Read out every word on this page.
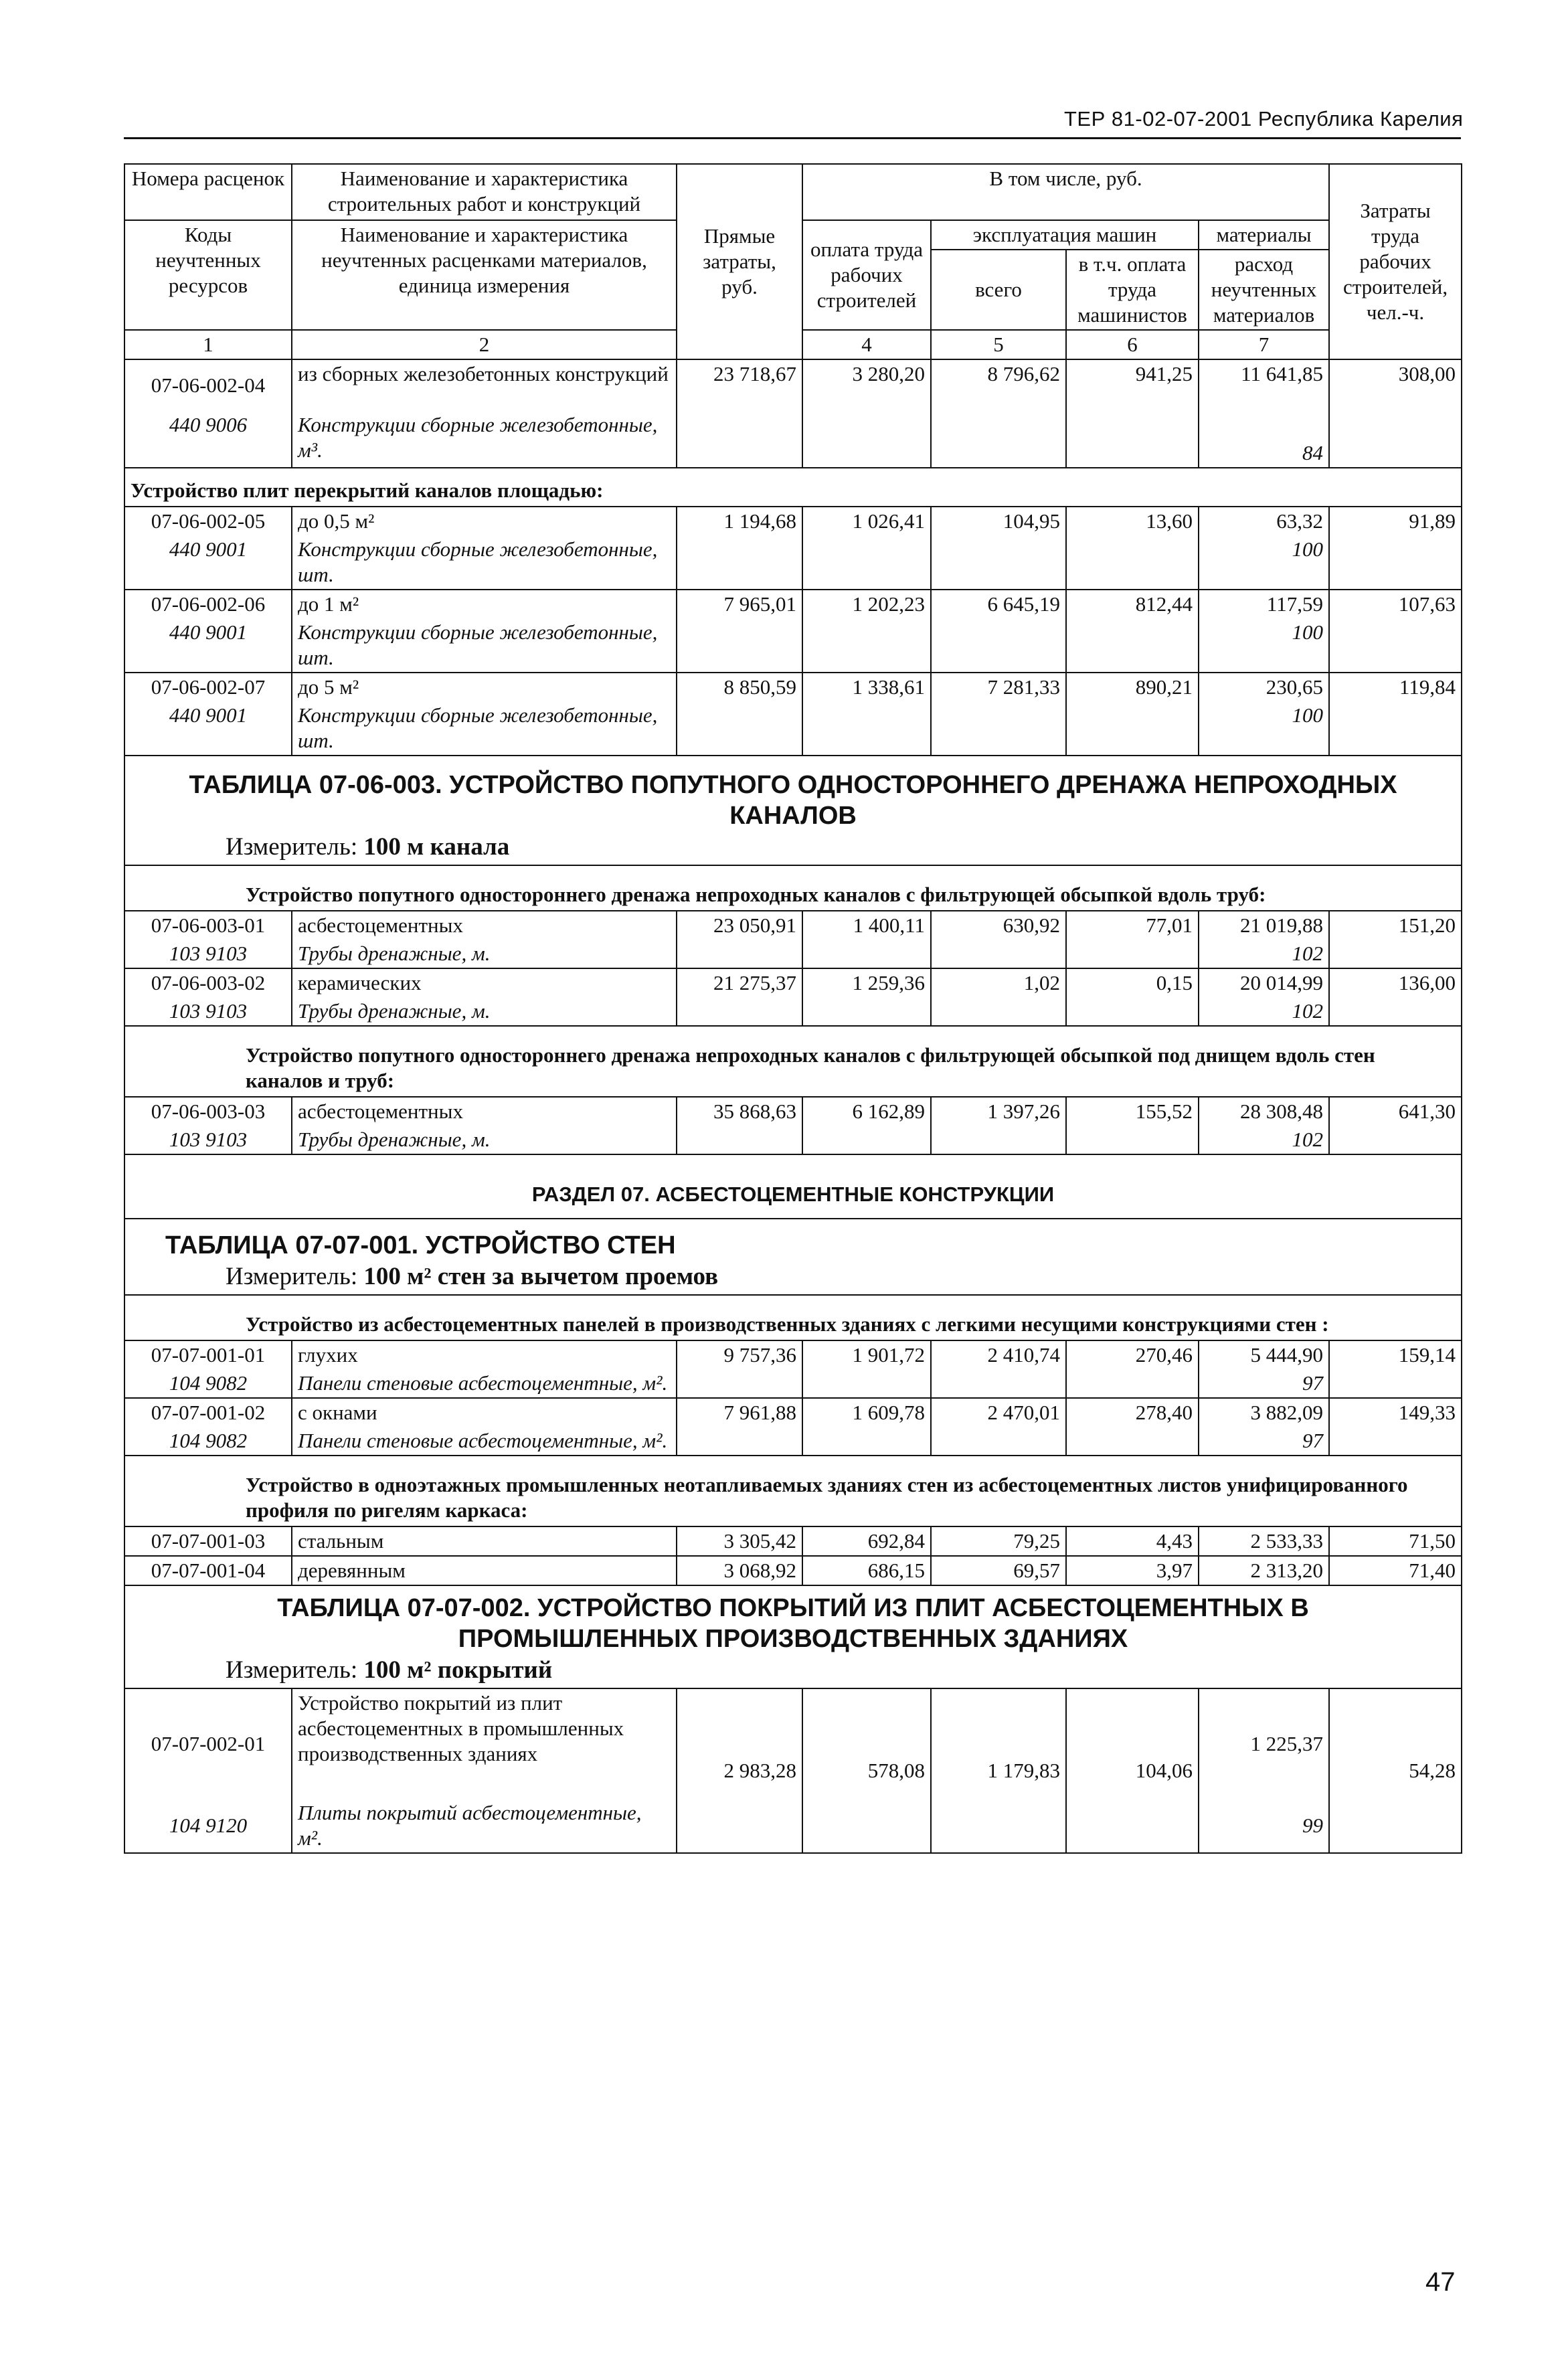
ТЕР 81-02-07-2001 Республика Карелия
Номера расценок	Наименование и характеристика строительных работ и конструкций	Прямые затраты, руб.	В том числе, руб.				Затраты труда рабочих строителей, чел.-ч.
Коды неучтенных ресурсов	Наименование и характеристика неучтенных расценками материалов, единица измерения		оплата труда рабочих строителей	эксплуатация машин		материалы	
				всего	в т.ч. оплата труда машинистов	расход неучтенных материалов	
1	2		4	5	6	7	
07-06-002-04	из сборных железобетонных конструкций	23 718,67	3 280,20	8 796,62	941,25	11 641,85	308,00
440 9006	Конструкции сборные железобетонные, м³.					84	
Устройство плит перекрытий каналов площадью:							
07-06-002-05	до 0,5 м²	1 194,68	1 026,41	104,95	13,60	63,32	91,89
440 9001	Конструкции сборные железобетонные, шт.					100	
07-06-002-06	до 1 м²	7 965,01	1 202,23	6 645,19	812,44	117,59	107,63
440 9001	Конструкции сборные железобетонные, шт.					100	
07-06-002-07	до 5 м²	8 850,59	1 338,61	7 281,33	890,21	230,65	119,84
440 9001	Конструкции сборные железобетонные, шт.					100	

ТАБЛИЦА 07-06-003. УСТРОЙСТВО ПОПУТНОГО ОДНОСТОРОННЕГО ДРЕНАЖА НЕПРОХОДНЫХ КАНАЛОВ
Измеритель: 100 м канала							

Устройство попутного одностороннего дренажа непроходных каналов с фильтрующей обсыпкой вдоль труб:							
07-06-003-01	асбестоцементных	23 050,91	1 400,11	630,92	77,01	21 019,88	151,20
103 9103	Трубы дренажные, м.					102	
07-06-003-02	керамических	21 275,37	1 259,36	1,02	0,15	20 014,99	136,00
103 9103	Трубы дренажные, м.					102	
Устройство попутного одностороннего дренажа непроходных каналов с фильтрующей обсыпкой под днищем вдоль стен каналов и труб:							
07-06-003-03	асбестоцементных	35 868,63	6 162,89	1 397,26	155,52	28 308,48	641,30
103 9103	Трубы дренажные, м.					102	
РАЗДЕЛ 07. АСБЕСТОЦЕМЕНТНЫЕ КОНСТРУКЦИИ							

ТАБЛИЦА 07-07-001. УСТРОЙСТВО СТЕН
Измеритель: 100 м² стен за вычетом проемов							

Устройство из асбестоцементных панелей в производственных зданиях с легкими несущими конструкциями стен :							
07-07-001-01	глухих	9 757,36	1 901,72	2 410,74	270,46	5 444,90	159,14
104 9082	Панели стеновые асбестоцементные, м².					97	
07-07-001-02	с окнами	7 961,88	1 609,78	2 470,01	278,40	3 882,09	149,33
104 9082	Панели стеновые асбестоцементные, м².					97	
Устройство в одноэтажных промышленных неотапливаемых зданиях стен из асбестоцементных листов унифицированного профиля по ригелям каркаса:							
07-07-001-03	стальным	3 305,42	692,84	79,25	4,43	2 533,33	71,50
07-07-001-04	деревянным	3 068,92	686,15	69,57	3,97	2 313,20	71,40

ТАБЛИЦА 07-07-002. УСТРОЙСТВО ПОКРЫТИЙ ИЗ ПЛИТ АСБЕСТОЦЕМЕНТНЫХ В ПРОМЫШЛЕННЫХ ПРОИЗВОДСТВЕННЫХ ЗДАНИЯХ
Измеритель: 100 м² покрытий							

07-07-002-01	Устройство покрытий из плит асбестоцементных в промышленных производственных зданиях	2 983,28	578,08	1 179,83	104,06	1 225,37	54,28
104 9120	Плиты покрытий асбестоцементные, м².					99	
47
